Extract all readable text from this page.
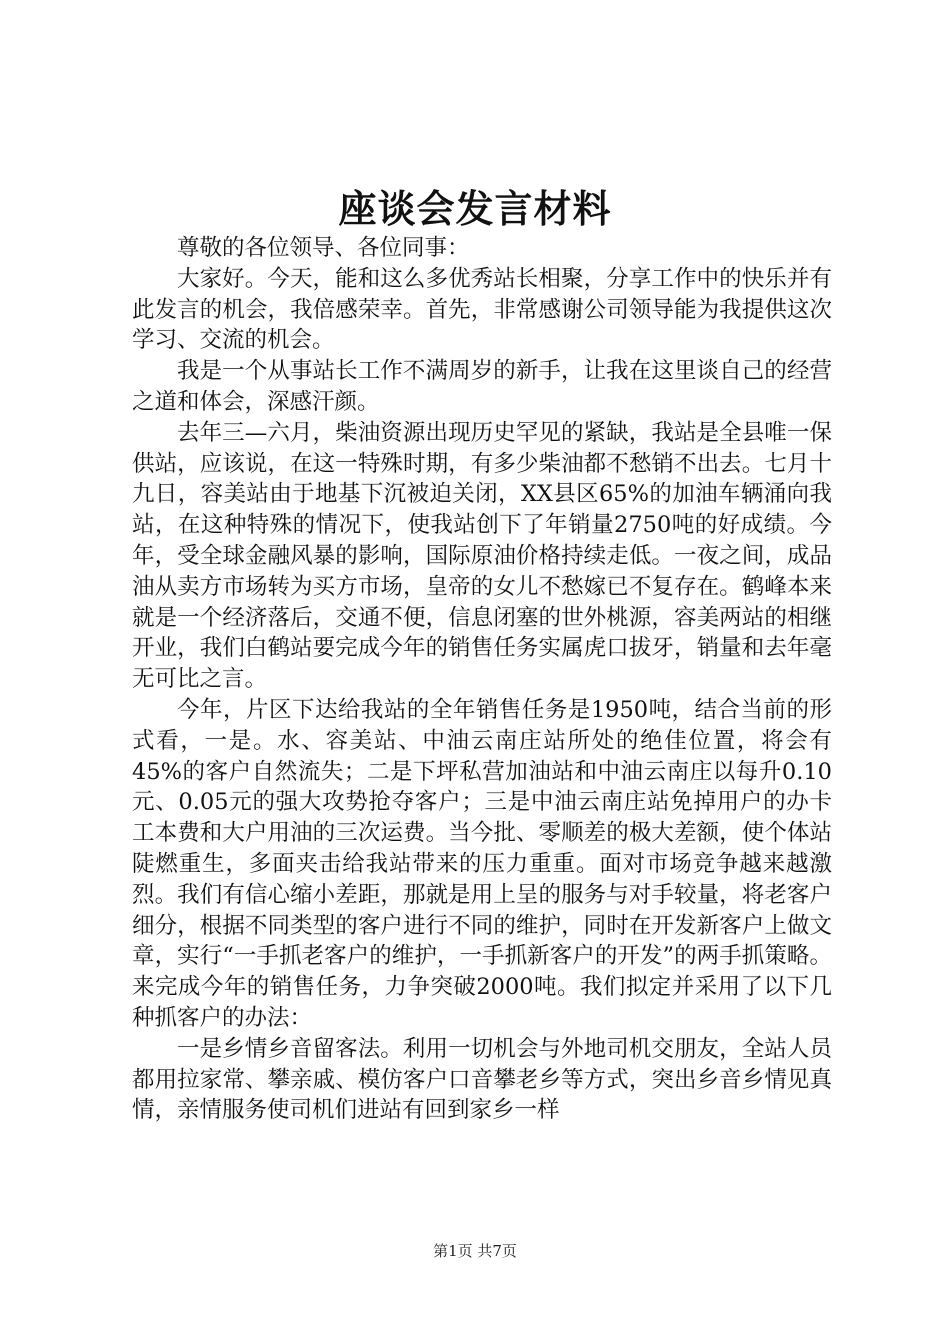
座谈会发言材料

尊敬的各位领导、各位同事：

大家好。今天，能和这么多优秀站长相聚，分享工作中的快乐并有此发言的机会，我倍感荣幸。首先，非常感谢公司领导能为我提供这次学习、交流的机会。

我是一个从事站长工作不满周岁的新手，让我在这里谈自己的经营之道和体会，深感汗颜。

去年三—六月，柴油资源出现历史罕见的紧缺，我站是全县唯一保供站，应该说，在这一特殊时期，有多少柴油都不愁销不出去。七月十九日，容美站由于地基下沉被迫关闭，XX县区65%的加油车辆涌向我站，在这种特殊的情况下，使我站创下了年销量2750吨的好成绩。今年，受全球金融风暴的影响，国际原油价格持续走低。一夜之间，成品油从卖方市场转为买方市场，皇帝的女儿不愁嫁已不复存在。鹤峰本来就是一个经济落后，交通不便，信息闭塞的世外桃源，容美两站的相继开业，我们白鹤站要完成今年的销售任务实属虎口拔牙，销量和去年毫无可比之言。

今年，片区下达给我站的全年销售任务是1950吨，结合当前的形式看，一是。水、容美站、中油云南庄站所处的绝佳位置，将会有45%的客户自然流失；二是下坪私营加油站和中油云南庄以每升0.10元、0.05元的强大攻势抢夺客户；三是中油云南庄站免掉用户的办卡工本费和大户用油的三次运费。当今批、零顺差的极大差额，使个体站陡燃重生，多面夹击给我站带来的压力重重。面对市场竞争越来越激烈。我们有信心缩小差距，那就是用上呈的服务与对手较量，将老客户细分，根据不同类型的客户进行不同的维护，同时在开发新客户上做文章，实行“一手抓老客户的维护，一手抓新客户的开发”的两手抓策略。来完成今年的销售任务，力争突破2000吨。我们拟定并采用了以下几种抓客户的办法：

一是乡情乡音留客法。利用一切机会与外地司机交朋友，全站人员都用拉家常、攀亲戚、模仿客户口音攀老乡等方式，突出乡音乡情见真情，亲情服务使司机们进站有回到家乡一样

第1页 共7页
